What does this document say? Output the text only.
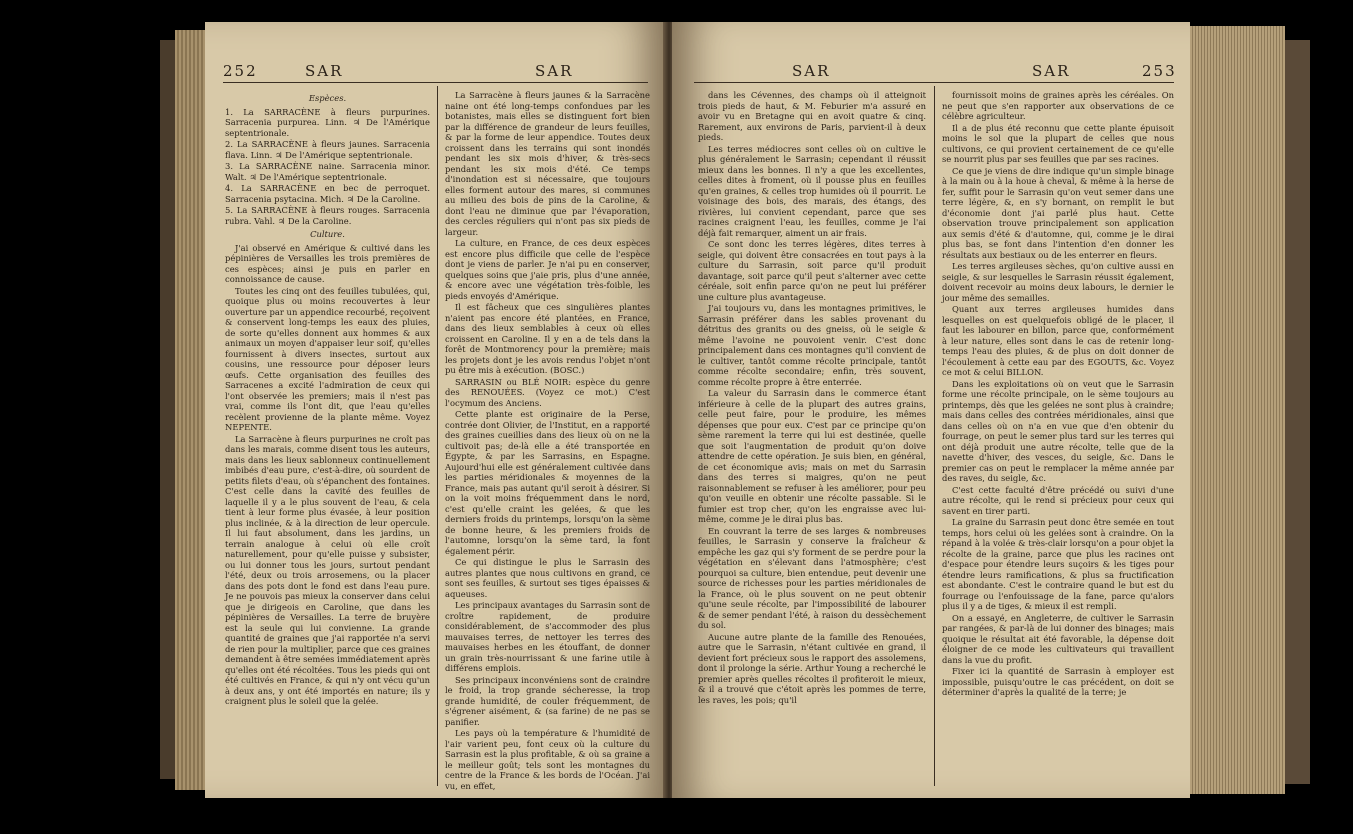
252	SAR	SAR
Espèces.

1. La SARRACÈNE à fleurs purpurines. Sarracenia purpurea. Linn. ♃ De l'Amérique septentrionale.

2. La SARRACÈNE à fleurs jaunes. Sarracenia flava. Linn. ♃ De l'Amérique septentrionale.

3. La SARRACÈNE naine. Sarracenia minor. Walt. ♃ De l'Amérique septentrionale.

4. La SARRACÈNE en bec de perroquet. Sarracenia psytacina. Mich. ♃ De la Caroline.

5. La SARRACÈNE à fleurs rouges. Sarracenia rubra. Vahl. ♃ De la Caroline.

Culture.

J'ai observé en Amérique & cultivé dans les pépinières de Versailles les trois premières de ces espèces; ainsi je puis en parler en connoissance de cause.

Toutes les cinq ont des feuilles tubulées, qui, quoique plus ou moins recouvertes à leur ouverture par un appendice recourbé, reçoivent & conservent long-temps les eaux des pluies, de sorte qu'elles donnent aux hommes & aux animaux un moyen d'appaiser leur soif, qu'elles fournissent à divers insectes, surtout aux cousins, une ressource pour déposer leurs œufs. Cette organisation des feuilles des Sarracenes a excité l'admiration de ceux qui l'ont observée les premiers; mais il n'est pas vrai, comme ils l'ont dit, que l'eau qu'elles recèlent provienne de la plante même. Voyez NEPENTE.

La Sarracène à fleurs purpurines ne croît pas dans les marais, comme disent tous les auteurs, mais dans les lieux sablonneux continuellement imbibés d'eau pure, c'est-à-dire, où sourdent de petits filets d'eau, où s'épanchent des fontaines. C'est celle dans la cavité des feuilles de laquelle il y a le plus souvent de l'eau, & cela tient à leur forme plus évasée, à leur position plus inclinée, & à la direction de leur opercule. Il lui faut absolument, dans les jardins, un terrain analogue à celui où elle croît naturellement, pour qu'elle puisse y subsister, ou lui donner tous les jours, surtout pendant l'été, deux ou trois arrosemens, ou la placer dans des pots dont le fond est dans l'eau pure. Je ne pouvois pas mieux la conserver dans celui que je dirigeois en Caroline, que dans les pépinières de Versailles. La terre de bruyère est la seule qui lui convienne. La grande quantité de graines que j'ai rapportée n'a servi de rien pour la multiplier, parce que ces graines demandent à être semées immédiatement après qu'elles ont été récoltées. Tous les pieds qui ont été cultivés en France, & qui n'y ont vécu qu'un à deux ans, y ont été importés en nature; ils y craignent plus le soleil que la gelée.

La Sarracène à fleurs jaunes & la Sarracène naine ont été long-temps confondues par les botanistes, mais elles se distinguent fort bien par la différence de grandeur de leurs feuilles, & par la forme de leur appendice. Toutes deux croissent dans les terrains qui sont inondés pendant les six mois d'hiver, & très-secs pendant les six mois d'été. Ce temps d'inondation est si nécessaire, que toujours elles forment autour des mares, si communes au milieu des bois de pins de la Caroline, & dont l'eau ne diminue que par l'évaporation, des cercles réguliers qui n'ont pas six pieds de largeur.

La culture, en France, de ces deux espèces est encore plus difficile que celle de l'espèce dont je viens de parler. Je n'ai pu en conserver, quelques soins que j'aie pris, plus d'une année, & encore avec une végétation très-foible, les pieds envoyés d'Amérique.

Il est fâcheux que ces singulières plantes n'aient pas encore été plantées, en France, dans des lieux semblables à ceux où elles croissent en Caroline. Il y en a de tels dans la forêt de Montmorency pour la première; mais les projets dont je les avois rendus l'objet n'ont pu être mis à exécution. (BOSC.)

SARRASIN ou BLÉ NOIR: espèce du genre des RENOUÉES. (Voyez ce mot.) C'est l'ocymum des Anciens.

Cette plante est originaire de la Perse, contrée dont Olivier, de l'Institut, en a rapporté des graines cueillies dans des lieux où on ne la cultivoit pas; de-là elle a été transportée en Égypte, & par les Sarrasins, en Espagne. Aujourd'hui elle est généralement cultivée dans les parties méridionales & moyennes de la France, mais pas autant qu'il seroit à désirer. Si on la voit moins fréquemment dans le nord, c'est qu'elle craint les gelées, & que les derniers froids du printemps, lorsqu'on la sème de bonne heure, & les premiers froids de l'automne, lorsqu'on la sème tard, la font également périr.

Ce qui distingue le plus le Sarrasin des autres plantes que nous cultivons en grand, ce sont ses feuilles, & surtout ses tiges épaisses & aqueuses.

Les principaux avantages du Sarrasin sont de croître rapidement, de produire considérablement, de s'accommoder des plus mauvaises terres, de nettoyer les terres des mauvaises herbes en les étouffant, de donner un grain très-nourrissant & une farine utile à différens emplois.

Ses principaux inconvéniens sont de craindre le froid, la trop grande sécheresse, la trop grande humidité, de couler fréquemment, de s'égrener aisément, & (sa farine) de ne pas se panifier.

Les pays où la température & l'humidité de l'air varient peu, font ceux où la culture du Sarrasin est la plus profitable, & où sa graine a le meilleur goût; tels sont les montagnes du centre de la France & les bords de l'Océan. J'ai vu, en effet,

SAR	SAR	253

dans les Cévennes, des champs où il atteignoit trois pieds de haut, & M. Feburier m'a assuré en avoir vu en Bretagne qui en avoit quatre & cinq. Rarement, aux environs de Paris, parvient-il à deux pieds.

Les terres médiocres sont celles où on cultive le plus généralement le Sarrasin; cependant il réussit mieux dans les bonnes. Il n'y a que les excellentes, celles dites à froment, où il pousse plus en feuilles qu'en graines, & celles trop humides où il pourrit. Le voisinage des bois, des marais, des étangs, des rivières, lui convient cependant, parce que ses racines craignent l'eau, les feuilles, comme je l'ai déjà fait remarquer, aiment un air frais.

Ce sont donc les terres légères, dites terres à seigle, qui doivent être consacrées en tout pays à la culture du Sarrasin, soit parce qu'il produit davantage, soit parce qu'il peut s'alterner avec cette céréale, soit enfin parce qu'on ne peut lui préférer une culture plus avantageuse.

J'ai toujours vu, dans les montagnes primitives, le Sarrasin préférer dans les sables provenant du détritus des granits ou des gneiss, où le seigle & même l'avoine ne pouvoient venir. C'est donc principalement dans ces montagnes qu'il convient de le cultiver, tantôt comme récolte principale, tantôt comme récolte secondaire; enfin, très souvent, comme récolte propre à être enterrée.

La valeur du Sarrasin dans le commerce étant inférieure à celle de la plupart des autres grains, celle peut faire, pour le produire, les mêmes dépenses que pour eux. C'est par ce principe qu'on sème rarement la terre qui lui est destinée, quelle que soit l'augmentation de produit qu'on doive attendre de cette opération. Je suis bien, en général, de cet économique avis; mais on met du Sarrasin dans des terres si maigres, qu'on ne peut raisonnablement se refuser à les améliorer, pour peu qu'on veuille en obtenir une récolte passable. Si le fumier est trop cher, qu'on les engraisse avec lui-même, comme je le dirai plus bas.

En couvrant la terre de ses larges & nombreuses feuilles, le Sarrasin y conserve la fraîcheur & empêche les gaz qui s'y forment de se perdre pour la végétation en s'élevant dans l'atmosphère; c'est pourquoi sa culture, bien entendue, peut devenir une source de richesses pour les parties méridionales de la France, où le plus souvent on ne peut obtenir qu'une seule récolte, par l'impossibilité de labourer & de semer pendant l'été, à raison du dessèchement du sol.

Aucune autre plante de la famille des Renouées, autre que le Sarrasin, n'étant cultivée en grand, il devient fort précieux sous le rapport des assolemens, dont il prolonge la série. Arthur Young a recherché le premier après quelles récoltes il profiteroit le mieux, & il a trouvé que c'étoit après les pommes de terre, les raves, les pois; qu'il

fournissoit moins de graines après les céréales. On ne peut que s'en rapporter aux observations de ce célèbre agriculteur.

Il a de plus été reconnu que cette plante épuisoit moins le sol que la plupart de celles que nous cultivons, ce qui provient certainement de ce qu'elle se nourrit plus par ses feuilles que par ses racines.

Ce que je viens de dire indique qu'un simple binage à la main ou à la houe à cheval, & même à la herse de fer, suffit pour le Sarrasin qu'on veut semer dans une terre légère, &, en s'y bornant, on remplit le but d'économie dont j'ai parlé plus haut. Cette observation trouve principalement son application aux semis d'été & d'automne, qui, comme je le dirai plus bas, se font dans l'intention d'en donner les résultats aux bestiaux ou de les enterrer en fleurs.

Les terres argileuses sèches, qu'on cultive aussi en seigle, & sur lesquelles le Sarrasin réussit également, doivent recevoir au moins deux labours, le dernier le jour même des semailles.

Quant aux terres argileuses humides dans lesquelles on est quelquefois obligé de le placer, il faut les labourer en billon, parce que, conformément à leur nature, elles sont dans le cas de retenir long-temps l'eau des pluies, & de plus on doit donner de l'écoulement à cette eau par des EGOUTS, &c. Voyez ce mot & celui BILLON.

Dans les exploitations où on veut que le Sarrasin forme une récolte principale, on le sème toujours au printemps, dès que les gelées ne sont plus à craindre; mais dans celles des contrées méridionales, ainsi que dans celles où on n'a en vue que d'en obtenir du fourrage, on peut le semer plus tard sur les terres qui ont déjà produit une autre récolte, telle que de la navette d'hiver, des vesces, du seigle, &c. Dans le premier cas on peut le remplacer la même année par des raves, du seigle, &c.

C'est cette faculté d'être précédé ou suivi d'une autre récolte, qui le rend si précieux pour ceux qui savent en tirer parti.

La graine du Sarrasin peut donc être semée en tout temps, hors celui où les gelées sont à craindre. On la répand à la volée & très-clair lorsqu'on a pour objet la récolte de la graine, parce que plus les racines ont d'espace pour étendre leurs suçoirs & les tiges pour étendre leurs ramifications, & plus sa fructification est abondante. C'est le contraire quand le but est du fourrage ou l'enfouissage de la fane, parce qu'alors plus il y a de tiges, & mieux il est rempli.

On a essayé, en Angleterre, de cultiver le Sarrasin par rangées, & par-là de lui donner des binages; mais quoique le résultat ait été favorable, la dépense doit éloigner de ce mode les cultivateurs qui travaillent dans la vue du profit.

Fixer ici la quantité de Sarrasin à employer est impossible, puisqu'outre le cas précédent, on doit se déterminer d'après la qualité de la terre; je
